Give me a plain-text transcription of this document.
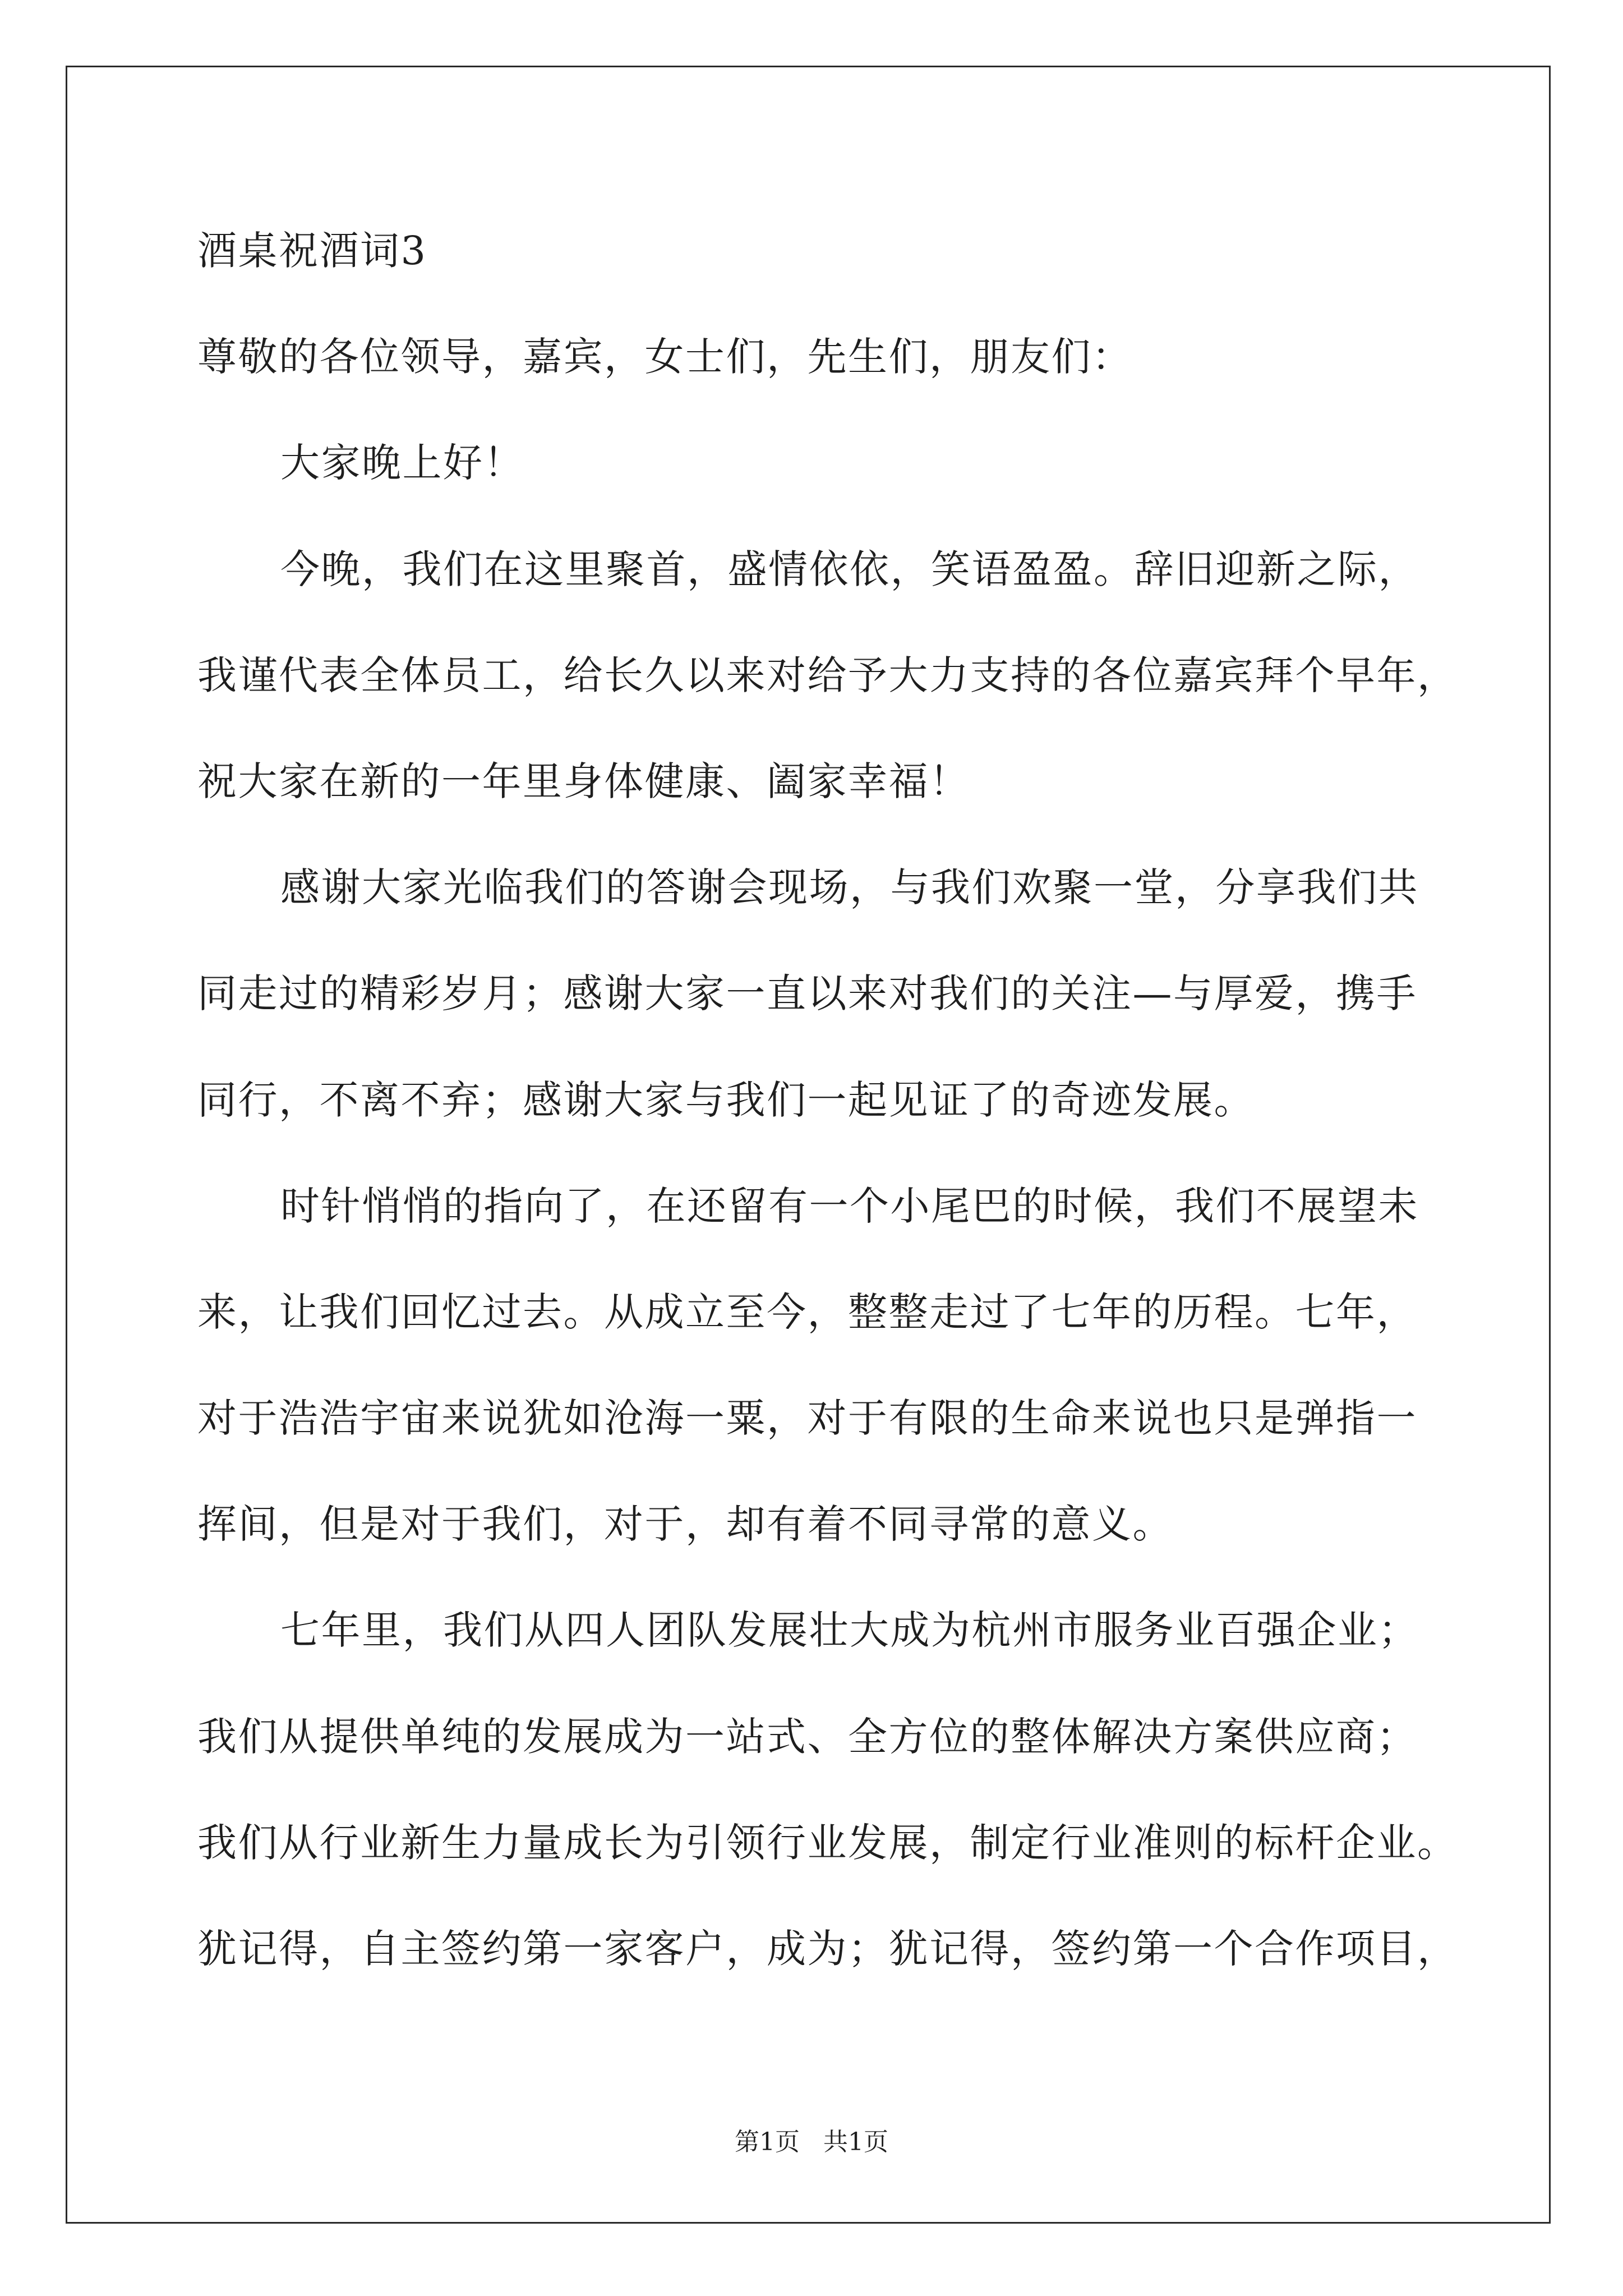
酒桌祝酒词3
尊敬的各位领导，嘉宾，女士们，先生们，朋友们：
大家晚上好！
今晚，我们在这里聚首，盛情依依，笑语盈盈。辞旧迎新之际，
我谨代表全体员工，给长久以来对给予大力支持的各位嘉宾拜个早年，
祝大家在新的一年里身体健康、阖家幸福！
感谢大家光临我们的答谢会现场，与我们欢聚一堂，分享我们共
同走过的精彩岁月；感谢大家一直以来对我们的关注—与厚爱，携手
同行，不离不弃；感谢大家与我们一起见证了的奇迹发展。
时针悄悄的指向了，在还留有一个小尾巴的时候，我们不展望未
来，让我们回忆过去。从成立至今，整整走过了七年的历程。七年，
对于浩浩宇宙来说犹如沧海一粟，对于有限的生命来说也只是弹指一
挥间，但是对于我们，对于，却有着不同寻常的意义。
七年里，我们从四人团队发展壮大成为杭州市服务业百强企业；
我们从提供单纯的发展成为一站式、全方位的整体解决方案供应商；
我们从行业新生力量成长为引领行业发展，制定行业准则的标杆企业。
犹记得，自主签约第一家客户，成为；犹记得，签约第一个合作项目，
第1页 共1页
